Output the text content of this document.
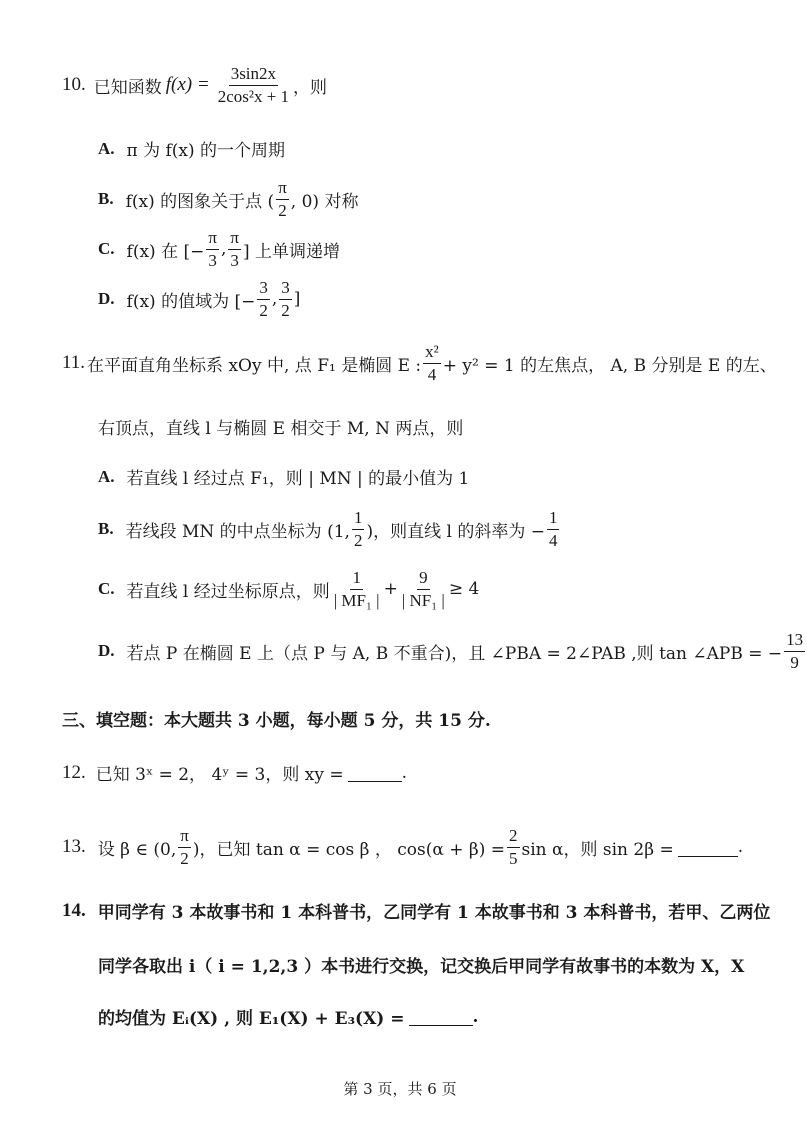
10. 已知函数 $f(x) = \frac{3\sin 2x}{\text{2cos²x + 1}}$ ，则
A. π 为 f(x) 的一个周期
B. f(x) 的图象关于点 ( $\frac{\pi}{2}$ , 0) 对称
C. f(x) 在 [− $\frac{\pi}{3}$ , $\frac{\pi}{3}$ ] 上单调递增
D. f(x) 的值域为 [− $\frac{3}{2}$ , $\frac{3}{2}$ ]
11. 在平面直角坐标系 xOy 中, 点 F₁ 是椭圆 E : $\frac{\text{x²}}{4} + y^2 = 1$ 的左焦点， A, B 分别是 E 的左、
右顶点，直线 l 与椭圆 E 相交于 M, N 两点，则
A. 若直线 l 经过点 F₁，则 | MN | 的最小值为 1
B. 若线段 MN 的中点坐标为 (1, $\frac{1}{2}$ )，则直线 l 的斜率为 − $\frac{1}{4}$
C. 若直线 l 经过坐标原点，则 $\frac{1}{\text{| MF₁ |}} + \frac{9}{\text{| NF₁ |}} \ge 4$
D. 若点 P 在椭圆 E 上（点 P 与 A, B 不重合)，且 ∠PBA = 2∠PAB ,则 tan ∠APB = − $\frac{13}{9}$
三、填空题：本大题共 3 小题，每小题 5 分，共 15 分.
12. 已知 3ˣ = 2， 4ʸ = 3，则 xy =	.
13. 设 β ∈ (0, $\frac{\pi}{2}$ )，已知 tan α = cos β ， $\cos(\alpha + \beta) = \frac{2}{5}$ sin α，则 sin 2β =	.
14. 甲同学有 3 本故事书和 1 本科普书，乙同学有 1 本故事书和 3 本科普书，若甲、乙两位
同学各取出 i（ i = 1,2,3 ）本书进行交换，记交换后甲同学有故事书的本数为 X，X
的均值为 Eᵢ(X) , 则 E₁(X) + E₃(X) =	.
第 3 页，共 6 页
